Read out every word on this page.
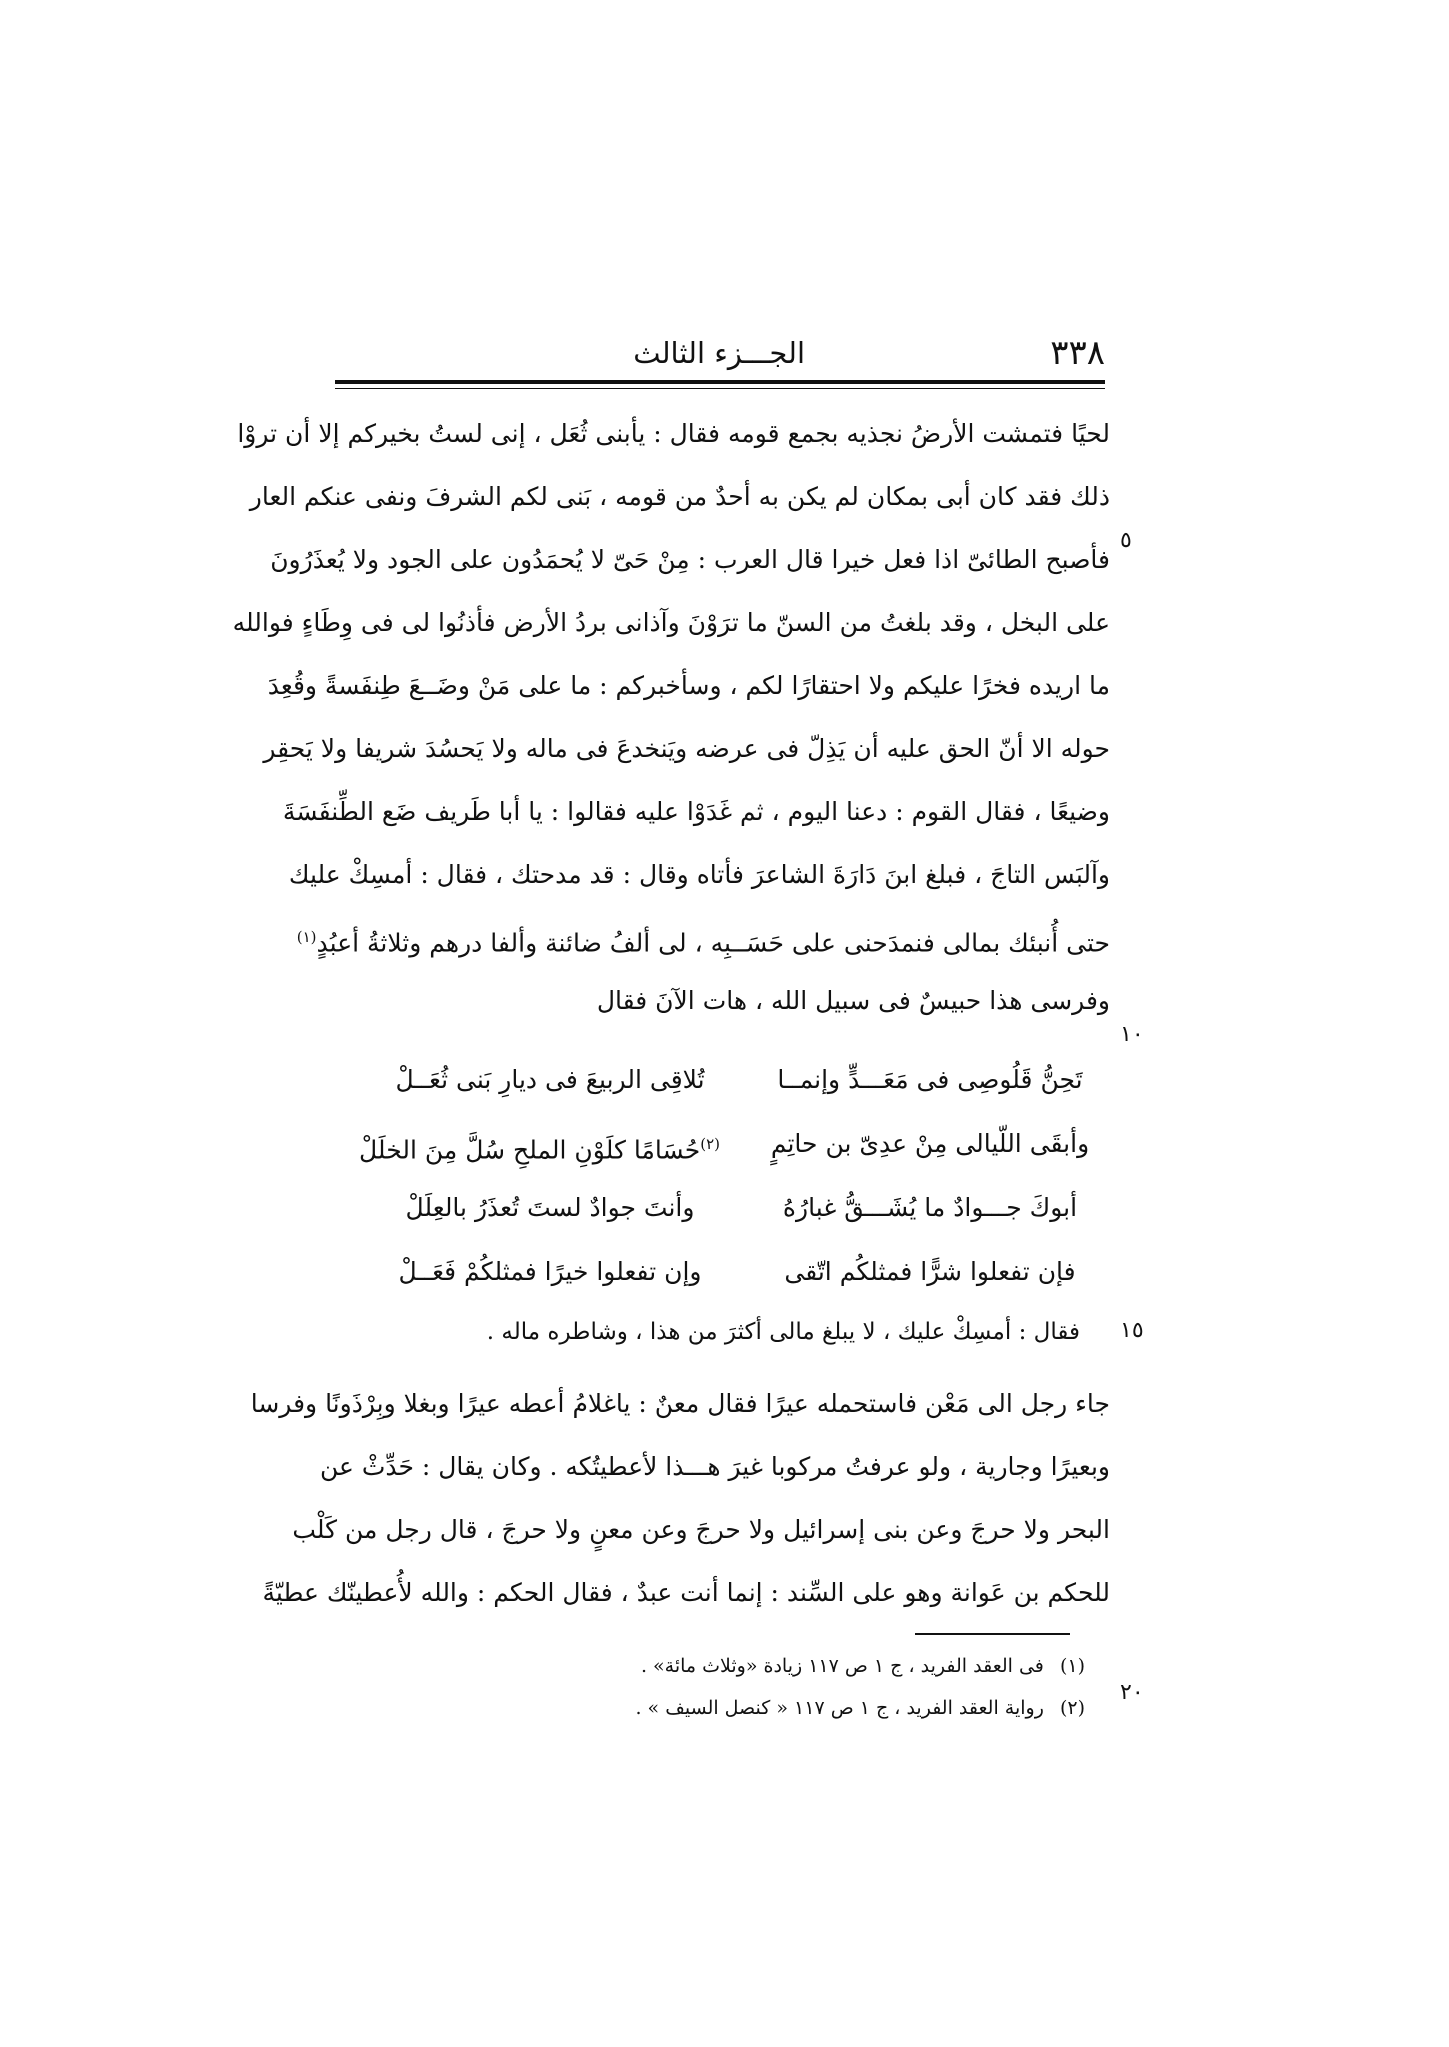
٣٣٨
الجـــزء الثالث
لحيًا فتمشت الأرضُ نجذيه بجمع قومه فقال : يأبنى ثُعَل ، إنى لستُ بخيركم إلا أن تروْا
ذلك فقد كان أبى بمكان لم يكن به أحدٌ من قومه ، بَنى لكم الشرفَ ونفى عنكم العار
فأصبح الطائىّ اذا فعل خيرا قال العرب : مِنْ حَىّ لا يُحمَدُون على الجود ولا يُعذَرُونَ
على البخل ، وقد بلغتُ من السنّ ما ترَوْنَ وآذانى بردُ الأرض فأذنُوا لى فى وِطَاءٍ فوالله
ما اريده فخرًا عليكم ولا احتقارًا لكم ، وسأخبركم : ما على مَنْ وضَــعَ طِنفَسةً وقُعِدَ
حوله الا أنّ الحق عليه أن يَذِلّ فى عرضه ويَنخدعَ فى ماله ولا يَحسُدَ شريفا ولا يَحقِر
وضيعًا ، فقال القوم : دعنا اليوم ، ثم غَدَوْا عليه فقالوا : يا أبا طَريف ضَع الطِّنفَسَةَ
وآلبَس التاجَ ، فبلغ ابنَ دَارَةَ الشاعرَ فأتاه وقال : قد مدحتك ، فقال : أمسِكْ عليك
حتى أُنبئك بمالى فنمدَحنى على حَسَــبِه ، لى ألفُ ضائنة وألفا درهم وثلاثةُ أعبُدٍ$^{(١)}$
وفرسى هذا حبيسٌ فى سبيل الله ، هات الآنَ فقال
٥
١٠
١٥
٢٠
تَحِنُّ قَلُوصِى فى مَعَـــدٍّ وإنمــا
تُلاقِى الربيعَ فى ديارِ بَنى ثُعَــلْ
وأبقَى اللّيالى مِنْ عدِىّ بن حاتِمٍ
$^{(٢)}$حُسَامًا كلَوْنِ الملحِ سُلَّ مِنَ الخلَلْ
أبوكَ جـــوادٌ ما يُشَـــقُّ غبارُهُ
وأنتَ جوادٌ لستَ تُعذَرُ بالعِلَلْ
فإن تفعلوا شرًّا فمثلكُم اتّقى
وإن تفعلوا خيرًا فمثلكُمْ فَعَــلْ
فقال : أمسِكْ عليك ، لا يبلغ مالى أكثرَ من هذا ، وشاطره ماله .
جاء رجل الى مَعْن فاستحمله عيرًا فقال معنٌ : ياغلامُ أعطه عيرًا وبغلا وبِرْذَونًا وفرسا
وبعيرًا وجارية ، ولو عرفتُ مركوبا غيرَ هـــذا لأعطيتُكه . وكان يقال : حَدِّثْ عن
البحر ولا حرجَ وعن بنى إسرائيل ولا حرجَ وعن معنٍ ولا حرجَ ، قال رجل من كَلْب
للحكم بن عَوانة وهو على السِّند : إنما أنت عبدٌ ، فقال الحكم : والله لأُعطينّك عطيّةً
(١) فى العقد الفريد ، ج ١ ص ١١٧ زيادة «وثلاث مائة» .
(٢) رواية العقد الفريد ، ج ١ ص ١١٧ « كنصل السيف » .
